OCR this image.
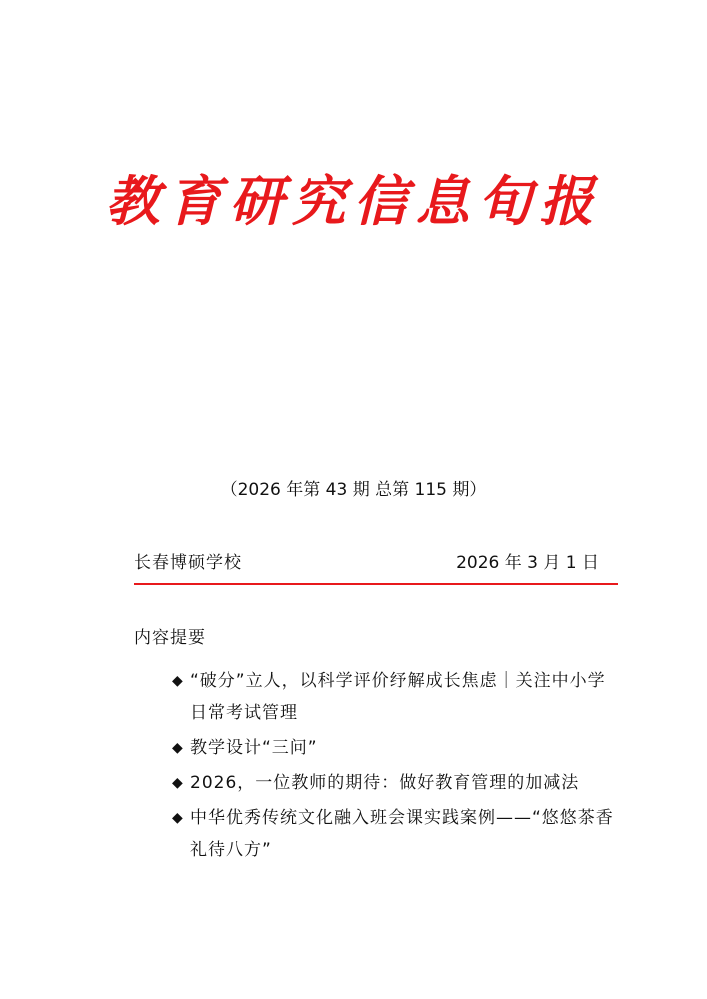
教育研究信息旬报
（2026 年第 43 期 总第 115 期）
长春博硕学校	2026 年 3 月 1 日
内容提要
◆ “破分”立人，以科学评价纾解成长焦虑｜关注中小学日常考试管理
◆ 教学设计“三问”
◆ 2026，一位教师的期待：做好教育管理的加减法
◆ 中华优秀传统文化融入班会课实践案例——“悠悠茶香 礼待八方”
